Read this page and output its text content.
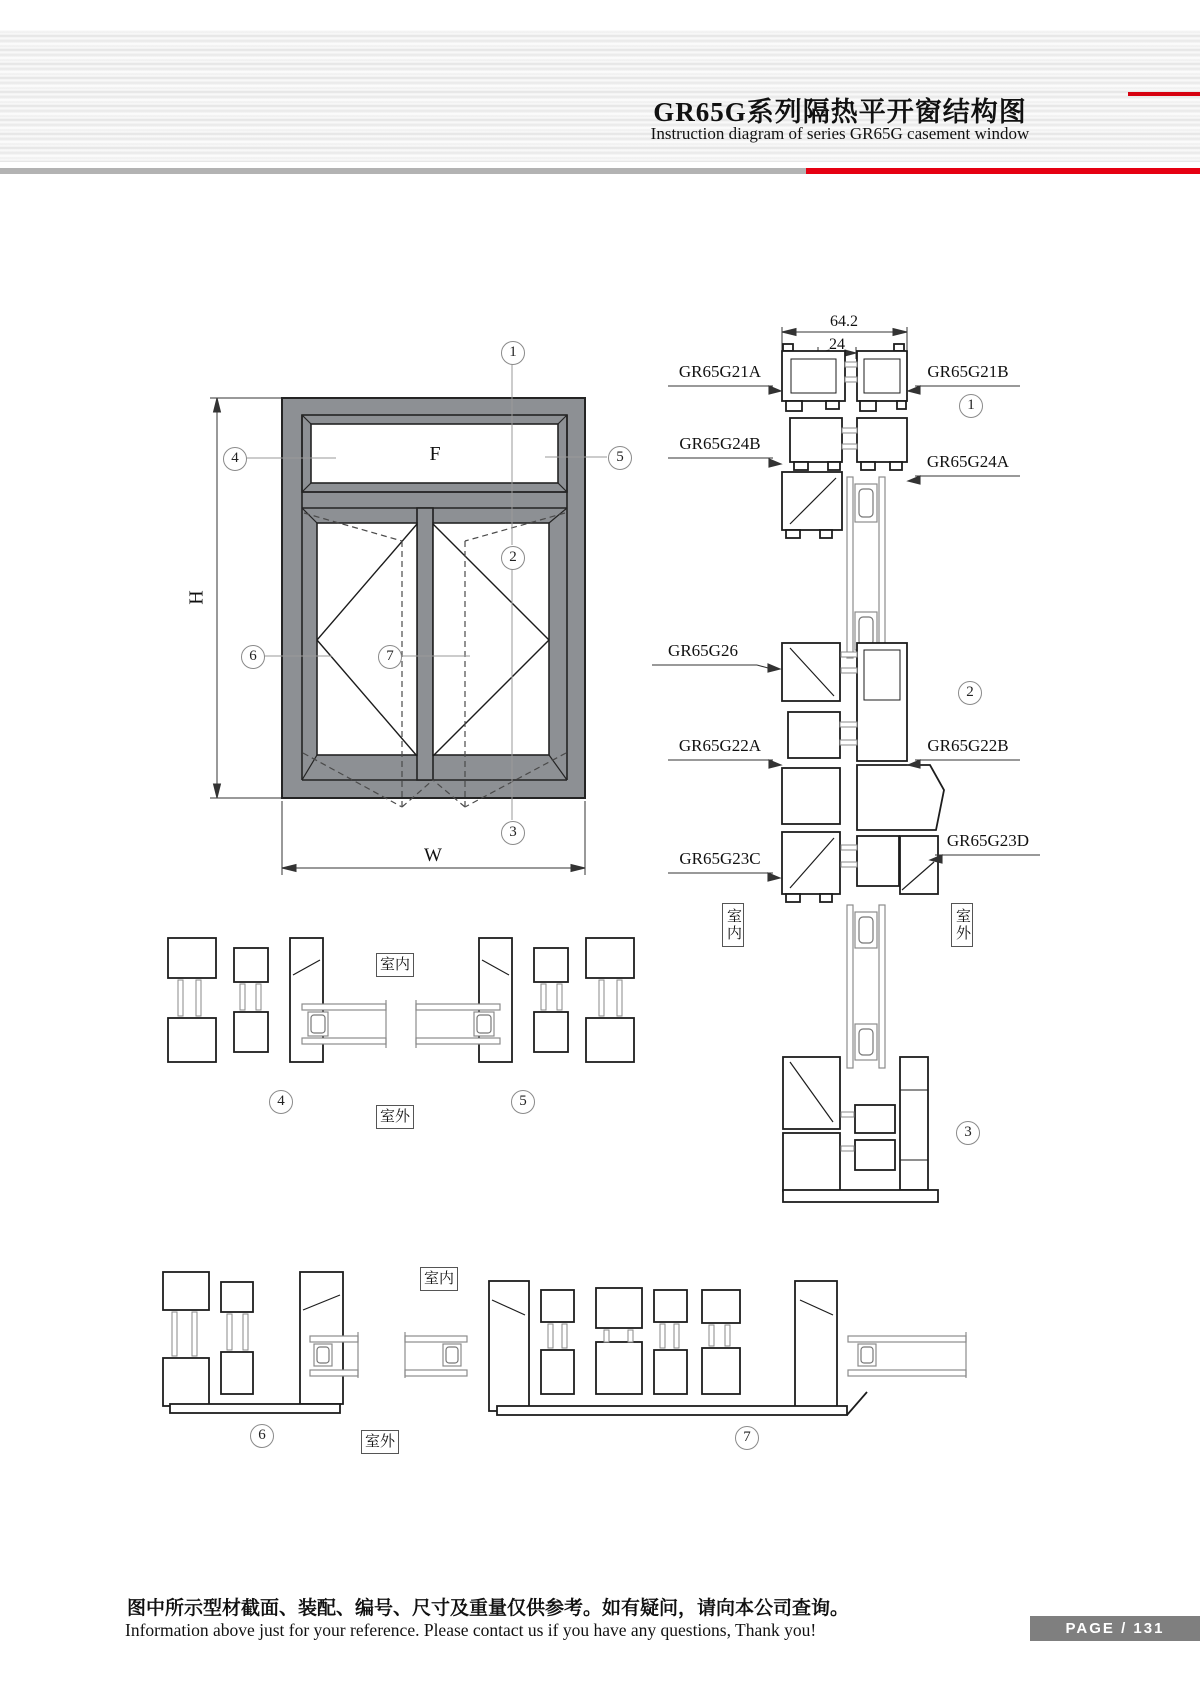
GR65G系列隔热平开窗结构图
Instruction diagram of series GR65G casement window
1
2
3
4	5
6	7
1
2
3
4	5
6	7
F
H
W
64.2
24
GR65G21A	GR65G21B
GR65G24B
GR65G24A
GR65G26
GR65G22A	GR65G22B
GR65G23C
GR65G23D
室内	室外
室内
室外
室内
室外
图中所示型材截面、装配、编号、尺寸及重量仅供参考。如有疑问，请向本公司查询。
Information above just for your reference. Please contact us if you have any questions, Thank you!	PAGE / 131
